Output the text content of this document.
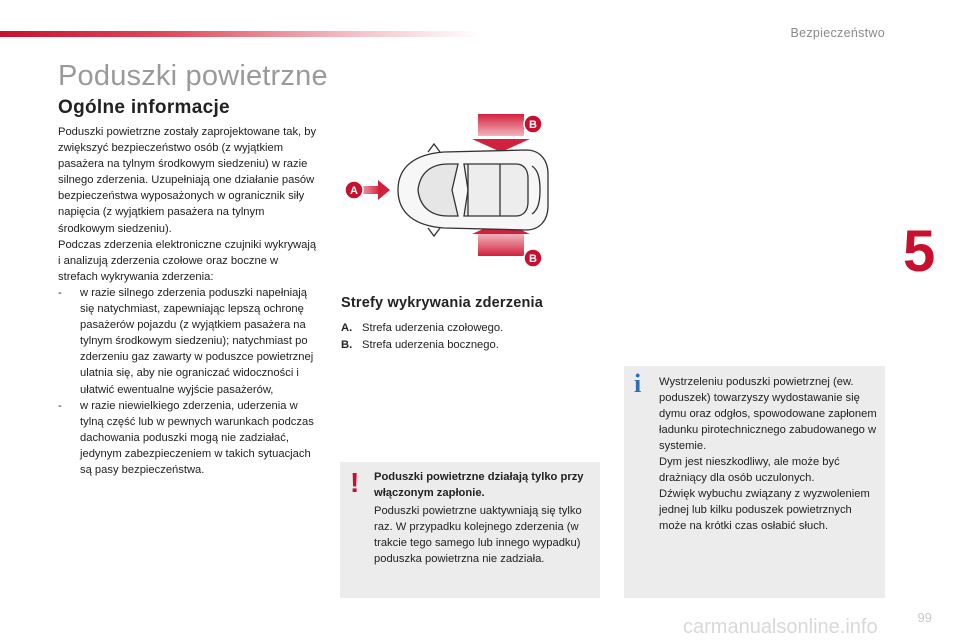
Bezpieczeństwo
Poduszki powietrzne
Ogólne informacje

Poduszki powietrzne zostały zaprojektowane tak, by zwiększyć bezpieczeństwo osób (z wyjątkiem pasażera na tylnym środkowym siedzeniu) w razie silnego zderzenia. Uzupełniają one działanie pasów bezpieczeństwa wyposażonych w ogranicznik siły napięcia (z wyjątkiem pasażera na tylnym środkowym siedzeniu).

Podczas zderzenia elektroniczne czujniki wykrywają i analizują zderzenia czołowe oraz boczne w strefach wykrywania zderzenia:

-	w razie silnego zderzenia poduszki napełniają się natychmiast, zapewniając lepszą ochronę pasażerów pojazdu (z wyjątkiem pasażera na tylnym środkowym siedzeniu); natychmiast po zderzeniu gaz zawarty w poduszce powietrznej ulatnia się, aby nie ograniczać widoczności i ułatwić ewentualne wyjście pasażerów,
-	w razie niewielkiego zderzenia, uderzenia w tylną część lub w pewnych warunkach podczas dachowania poduszki mogą nie zadziałać, jedynym zabezpieczeniem w takich sytuacjach są pasy bezpieczeństwa.
5
B
A
B
Strefy wykrywania zderzenia
A. Strefa uderzenia czołowego.
B. Strefa uderzenia bocznego.
! Poduszki powietrzne działają tylko przy włączonym zapłonie.
Poduszki powietrzne uaktywniają się tylko raz. W przypadku kolejnego zderzenia (w trakcie tego samego lub innego wypadku) poduszka powietrzna nie zadziała.
i Wystrzeleniu poduszki powietrznej (ew. poduszek) towarzyszy wydostawanie się dymu oraz odgłos, spowodowane zapłonem ładunku pirotechnicznego zabudowanego w systemie.
Dym jest nieszkodliwy, ale może być drażniący dla osób uczulonych.
Dźwięk wybuchu związany z wyzwoleniem jednej lub kilku poduszek powietrznych może na krótki czas osłabić słuch.
99
carmanualsonline.info
